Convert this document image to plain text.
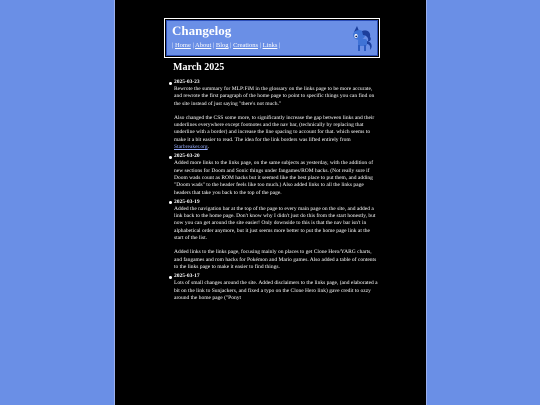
Changelog
| Home | About | Blog | Creations | Links |
March 2025
2025-03-23

Rewrote the summary for MLP:FiM in the glossary on the links page to be more accurate, and rewrote the first paragraph of the home page to point to specific things you can find on the site instead of just saying "there's not much."

Also changed the CSS some more, to significantly increase the gap between links and their underlines everywhere except footnotes and the nav bar, (technically by replacing that underline with a border) and increase the line spacing to account for that. which seems to make it a bit easier to read. The idea for the link borders was lifted entirely from Starbreaker.org.

2025-03-20

Added more links to the links page, on the same subjects as yesterday, with the addition of new sections for Doom and Sonic things under fangames/ROM hacks. (Not really sure if Doom wads count as ROM hacks but it seemed like the best place to put them, and adding "Doom wads" to the header feels like too much.) Also added links to all the links page headers that take you back to the top of the page.

2025-03-19

Added the navigation bar at the top of the page to every main page on the site, and added a link back to the home page. Don't know why I didn't just do this from the start honestly, but now you can get around the site easier! Only downside to this is that the nav bar isn't in alphabetical order anymore, but it just seems more better to put the home page link at the start of the list.

Added links to the links page, focusing mainly on places to get Clone Hero/YARG charts, and fangames and rom hacks for Pokémon and Mario games. Also added a table of contents to the links page to make it easier to find things.

2025-03-17

Lots of small changes around the site. Added disclaimers to the links page, (and elaborated a bit on the link to Sunjackers, and fixed a typo on the Clone Hero link) gave credit to ozzy around the home page ("Ponyt
